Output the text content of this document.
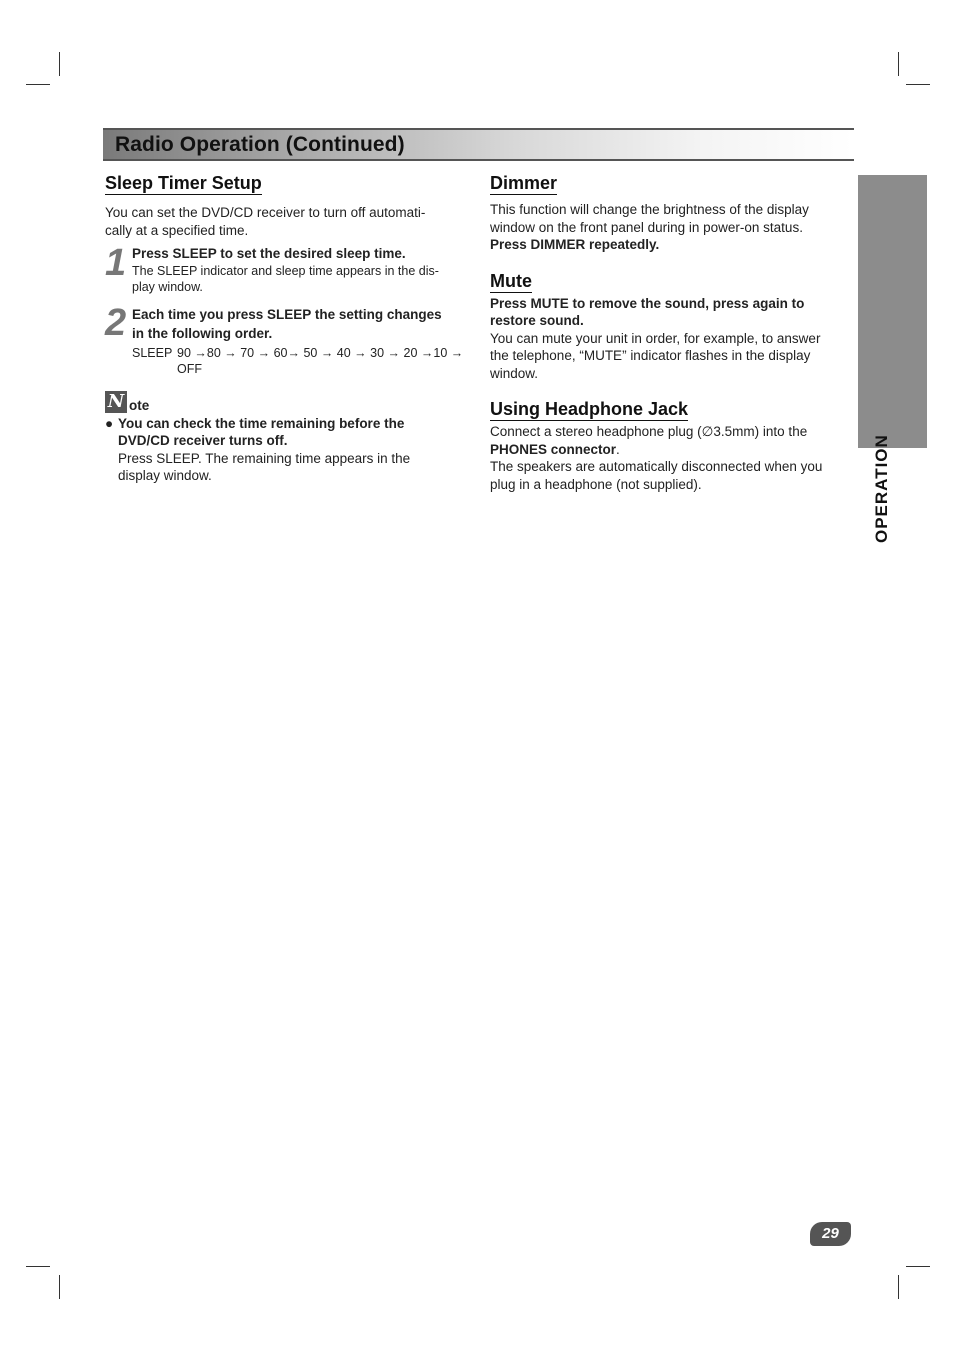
Radio Operation (Continued)
OPERATION
Sleep Timer Setup

You can set the DVD/CD receiver to turn off automati-
cally at a specified time.

1 Press SLEEP to set the desired sleep time.

The SLEEP indicator and sleep time appears in the dis-
play window.

2 Each time you press SLEEP the setting changes
in the following order.

SLEEP 90 →80 → 70 → 60→ 50 → 40 → 30 → 20 →10 →
OFF
N ote
● You can check the time remaining before the
DVD/CD receiver turns off.

Press SLEEP. The remaining time appears in the
display window.

Dimmer

This function will change the brightness of the display
window on the front panel during in power-on status.
Press DIMMER repeatedly.

Mute

Press MUTE to remove the sound, press again to
restore sound.

You can mute your unit in order, for example, to answer
the telephone, “MUTE” indicator flashes in the display
window.

Using Headphone Jack

Connect a stereo headphone plug (∅3.5mm) into the
PHONES connector.
The speakers are automatically disconnected when you
plug in a headphone (not supplied).

29
